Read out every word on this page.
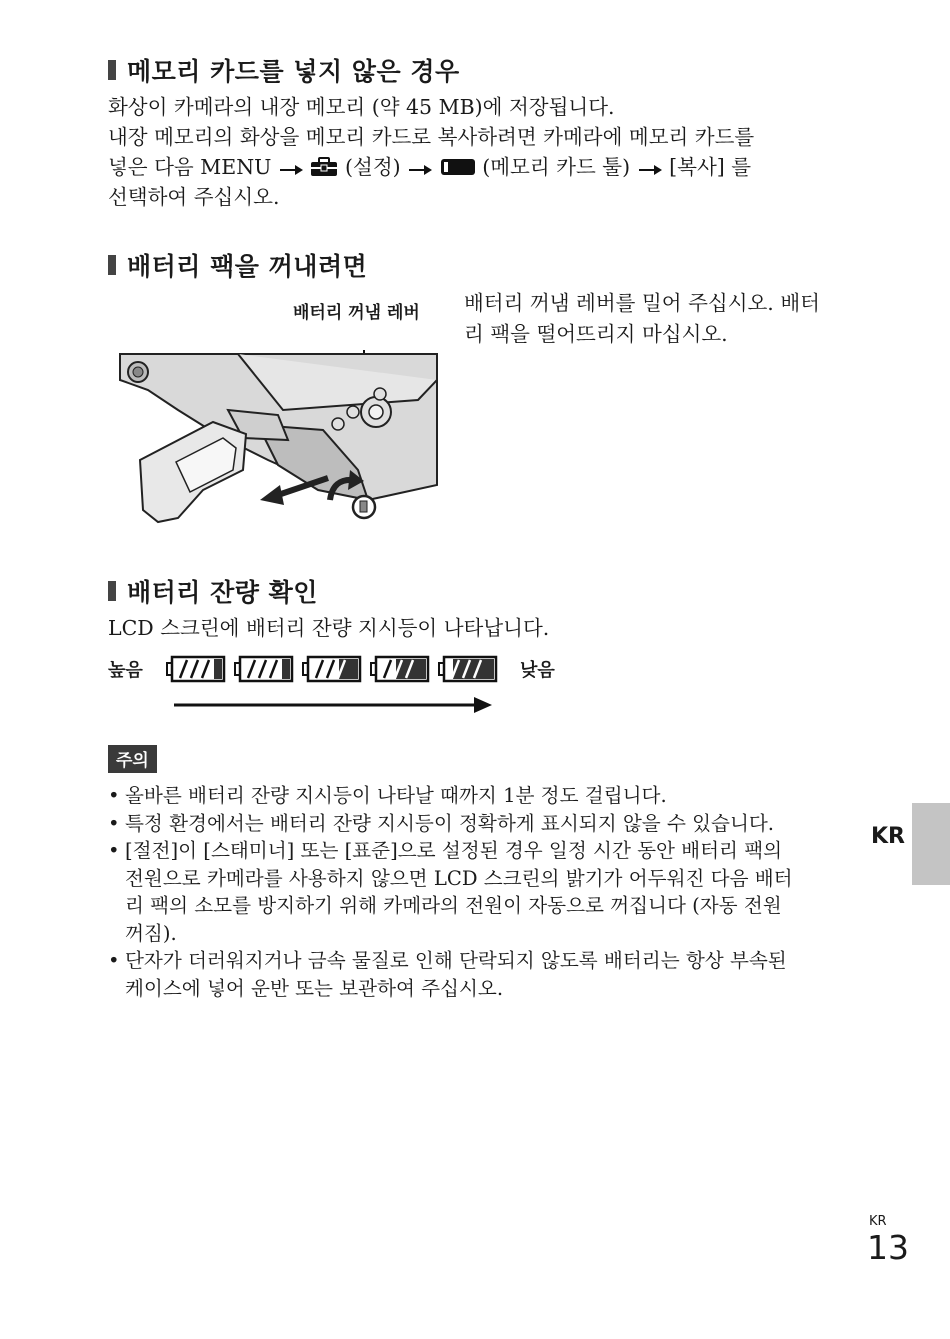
메모리 카드를 넣지 않은 경우
화상이 카메라의 내장 메모리 (약 45 MB)에 저장됩니다.
내장 메모리의 화상을 메모리 카드로 복사하려면 카메라에 메모리 카드를
넣은 다음 MENU	(설정)	(메모리 카드 툴) [복사] 를
선택하여 주십시오.
배터리 팩을 꺼내려면
배터리 꺼냄 레버 배터리 꺼냄 레버를 밀어 주십시오. 배터
리 팩을 떨어뜨리지 마십시오.
배터리 잔량 확인
LCD 스크린에 배터리 잔량 지시등이 나타납니다.
높음	낮음
주의
• 올바른 배터리 잔량 지시등이 나타날 때까지 1분 정도 걸립니다.
• 특정 환경에서는 배터리 잔량 지시등이 정확하게 표시되지 않을 수 있습니다.
• [절전]이 [스태미너] 또는 [표준]으로 설정된 경우 일정 시간 동안 배터리 팩의
전원으로 카메라를 사용하지 않으면 LCD 스크린의 밝기가 어두워진 다음 배터
리 팩의 소모를 방지하기 위해 카메라의 전원이 자동으로 꺼집니다 (자동 전원
꺼짐).
• 단자가 더러워지거나 금속 물질로 인해 단락되지 않도록 배터리는 항상 부속된
케이스에 넣어 운반 또는 보관하여 주십시오.
KR
KR
13
